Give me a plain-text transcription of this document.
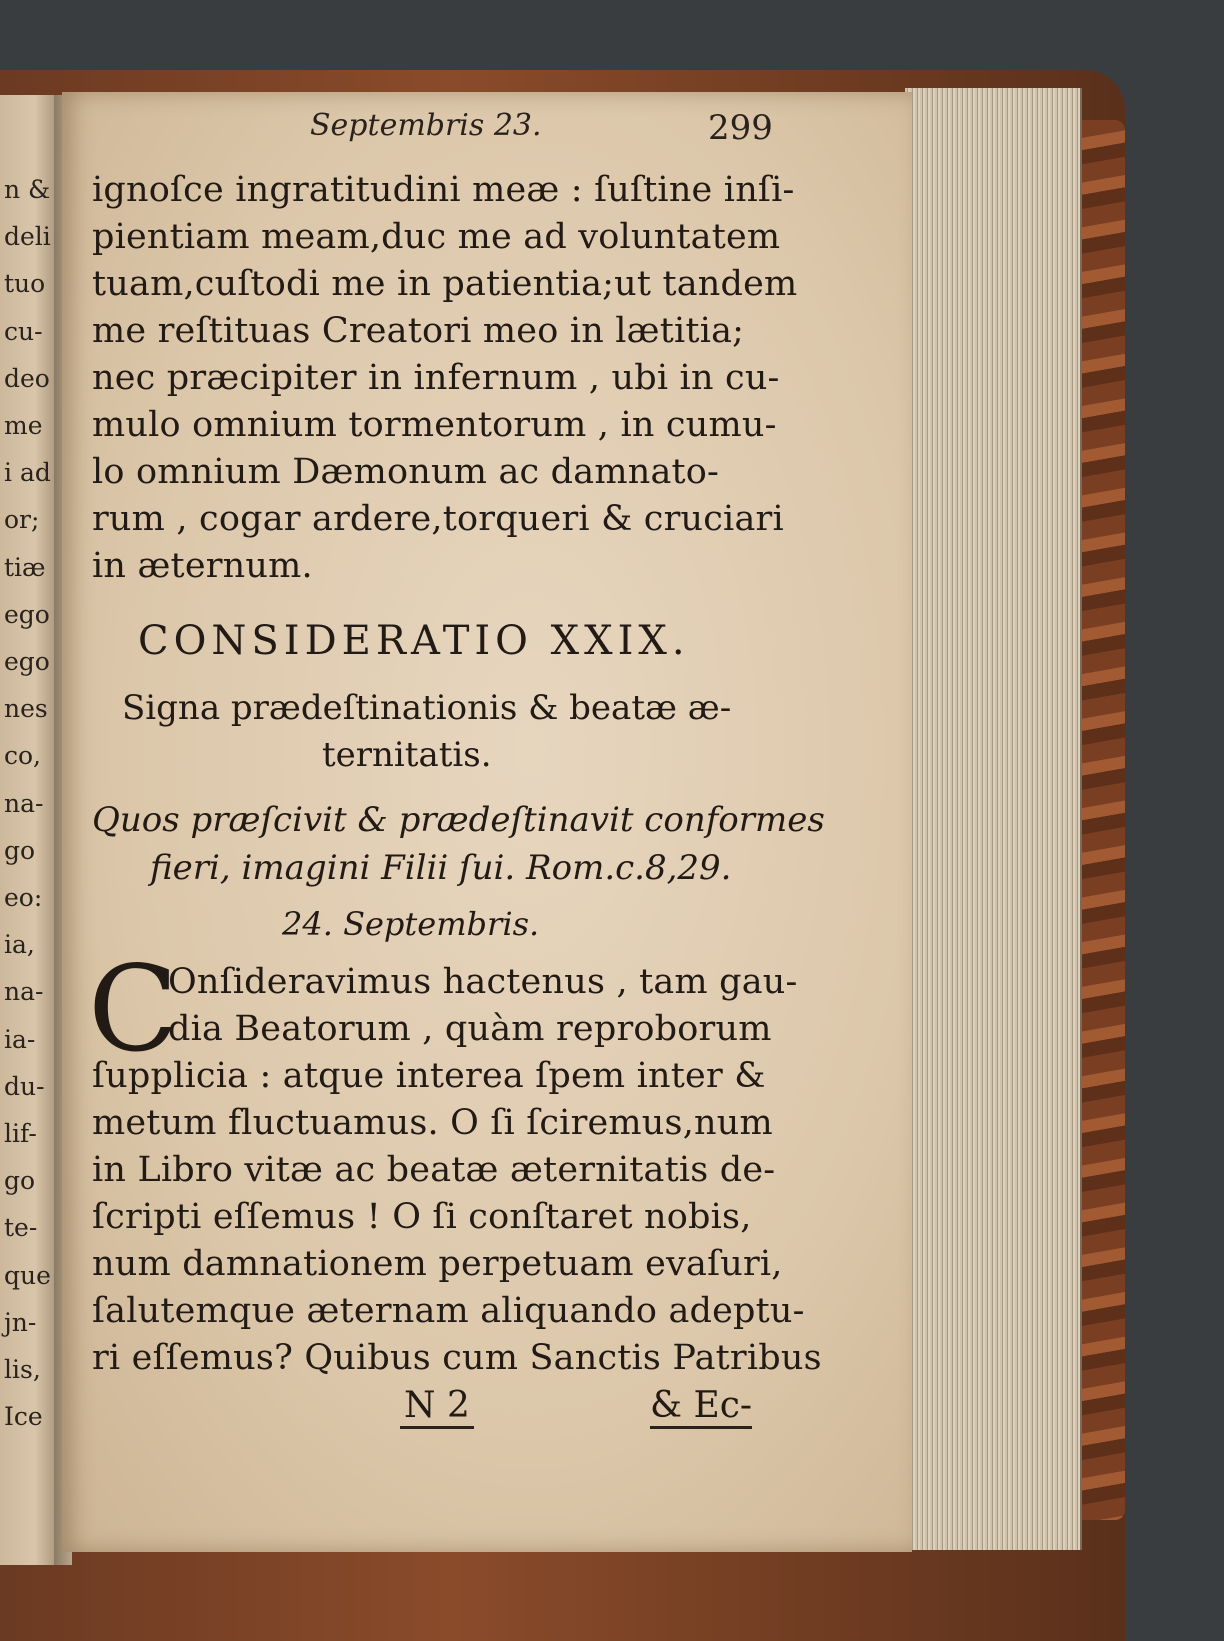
n &
deli
tuo
cu-
deo
me
i ad
or;
tiæ
ego
ego
nes
co,
na-
go
eo:
ia,
na-
ia-
du-
lif-
go
te-
que
jn-
lis,
Ice
Septembris 23.	299
ignoſce ingratitudini meæ : ſuſtine inſi-
pientiam meam,duc me ad voluntatem
tuam,cuſtodi me in patientia;ut tandem
me reſtituas Creatori meo in lætitia;
nec præcipiter in infernum , ubi in cu-
mulo omnium tormentorum , in cumu-
lo omnium Dæmonum ac damnato-
rum , cogar ardere,torqueri & cruciari
in æternum.
CONSIDERATIO XXIX.
Signa prædeſtinationis & beatæ æ-
ternitatis.
Quos præſcivit & prædeſtinavit conformes
fieri, imagini Filii ſui. Rom.c.8,29.
24. Septembris.
C
Onſideravimus hactenus , tam gau-
dia Beatorum , quàm reproborum
ſupplicia : atque interea ſpem inter &
metum fluctuamus. O ſi ſciremus,num
in Libro vitæ ac beatæ æternitatis de-
ſcripti eſſemus ! O ſi conſtaret nobis,
num damnationem perpetuam evaſuri,
ſalutemque æternam aliquando adeptu-
ri eſſemus? Quibus cum Sanctis Patribus
N 2	& Ec-
